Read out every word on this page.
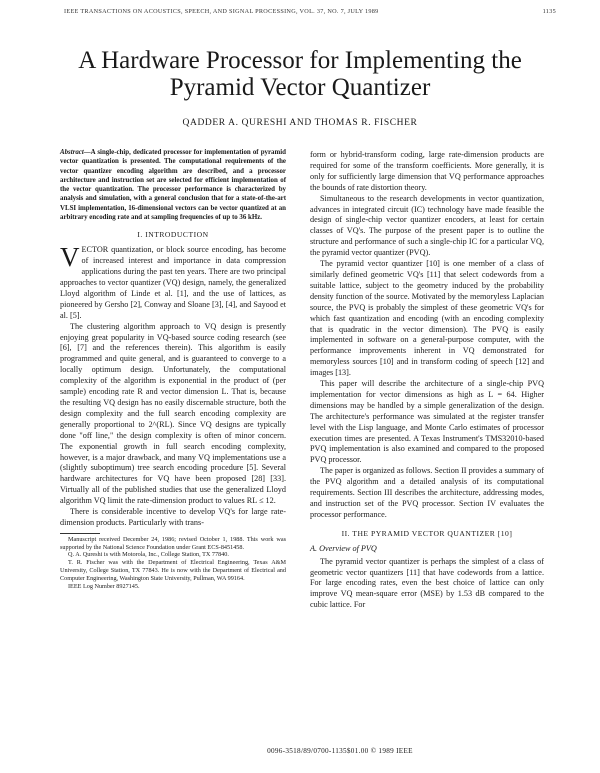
IEEE TRANSACTIONS ON ACOUSTICS, SPEECH, AND SIGNAL PROCESSING, VOL. 37, NO. 7, JULY 1989	1135
A Hardware Processor for Implementing the Pyramid Vector Quantizer
QADDER A. QURESHI AND THOMAS R. FISCHER
Abstract—A single-chip, dedicated processor for implementation of pyramid vector quantization is presented. The computational requirements of the vector quantizer encoding algorithm are described, and a processor architecture and instruction set are selected for efficient implementation of the vector quantization. The processor performance is characterized by analysis and simulation, with a general conclusion that for a state-of-the-art VLSI implementation, 16-dimensional vectors can be vector quantized at an arbitrary encoding rate and at sampling frequencies of up to 36 kHz.
I. INTRODUCTION

VECTOR quantization, or block source encoding, has become of increased interest and importance in data compression applications during the past ten years. There are two principal approaches to vector quantizer (VQ) design, namely, the generalized Lloyd algorithm of Linde et al. [1], and the use of lattices, as pioneered by Gersho [2], Conway and Sloane [3], [4], and Sayood et al. [5].

The clustering algorithm approach to VQ design is presently enjoying great popularity in VQ-based source coding research (see [6], [7] and the references therein). This algorithm is easily programmed and quite general, and is guaranteed to converge to a locally optimum design. Unfortunately, the computational complexity of the algorithm is exponential in the product of (per sample) encoding rate R and vector dimension L. That is, because the resulting VQ design has no easily discernable structure, both the design complexity and the full search encoding complexity are generally proportional to 2^(RL). Since VQ designs are typically done "off line," the design complexity is often of minor concern. The exponential growth in full search encoding complexity, however, is a major drawback, and many VQ implementations use a (slightly suboptimum) tree search encoding procedure [5]. Several hardware architectures for VQ have been proposed [28] [33]. Virtually all of the published studies that use the generalized Lloyd algorithm VQ limit the rate-dimension product to values RL ≤ 12.

There is considerable incentive to develop VQ's for large rate-dimension products. Particularly with trans-

Manuscript received December 24, 1986; revised October 1, 1988. This work was supported by the National Science Foundation under Grant ECS-8451458.

Q. A. Qureshi is with Motorola, Inc., College Station, TX 77840.

T. R. Fischer was with the Department of Electrical Engineering, Texas A&M University, College Station, TX 77843. He is now with the Department of Electrical and Computer Engineering, Washington State University, Pullman, WA 99164.

IEEE Log Number 8927145.

form or hybrid-transform coding, large rate-dimension products are required for some of the transform coefficients. More generally, it is only for sufficiently large dimension that VQ performance approaches the bounds of rate distortion theory.

Simultaneous to the research developments in vector quantization, advances in integrated circuit (IC) technology have made feasible the design of single-chip vector quantizer encoders, at least for certain classes of VQ's. The purpose of the present paper is to outline the structure and performance of such a single-chip IC for a particular VQ, the pyramid vector quantizer (PVQ).

The pyramid vector quantizer [10] is one member of a class of similarly defined geometric VQ's [11] that select codewords from a suitable lattice, subject to the geometry induced by the probability density function of the source. Motivated by the memoryless Laplacian source, the PVQ is probably the simplest of these geometric VQ's for which fast quantization and encoding (with an encoding complexity that is quadratic in the vector dimension). The PVQ is easily implemented in software on a general-purpose computer, with the performance improvements inherent in VQ demonstrated for memoryless sources [10] and in transform coding of speech [12] and images [13].

This paper will describe the architecture of a single-chip PVQ implementation for vector dimensions as high as L = 64. Higher dimensions may be handled by a simple generalization of the design. The architecture's performance was simulated at the register transfer level with the Lisp language, and Monte Carlo estimates of processor execution times are presented. A Texas Instrument's TMS32010-based PVQ implementation is also examined and compared to the proposed PVQ processor.

The paper is organized as follows. Section II provides a summary of the PVQ algorithm and a detailed analysis of its computational requirements. Section III describes the architecture, addressing modes, and instruction set of the PVQ processor. Section IV evaluates the processor performance.

II. THE PYRAMID VECTOR QUANTIZER [10]
A. Overview of PVQ

The pyramid vector quantizer is perhaps the simplest of a class of geometric vector quantizers [11] that have codewords from a lattice. For large encoding rates, even the best choice of lattice can only improve VQ mean-square error (MSE) by 1.53 dB compared to the cubic lattice. For

0096-3518/89/0700-1135$01.00 © 1989 IEEE
